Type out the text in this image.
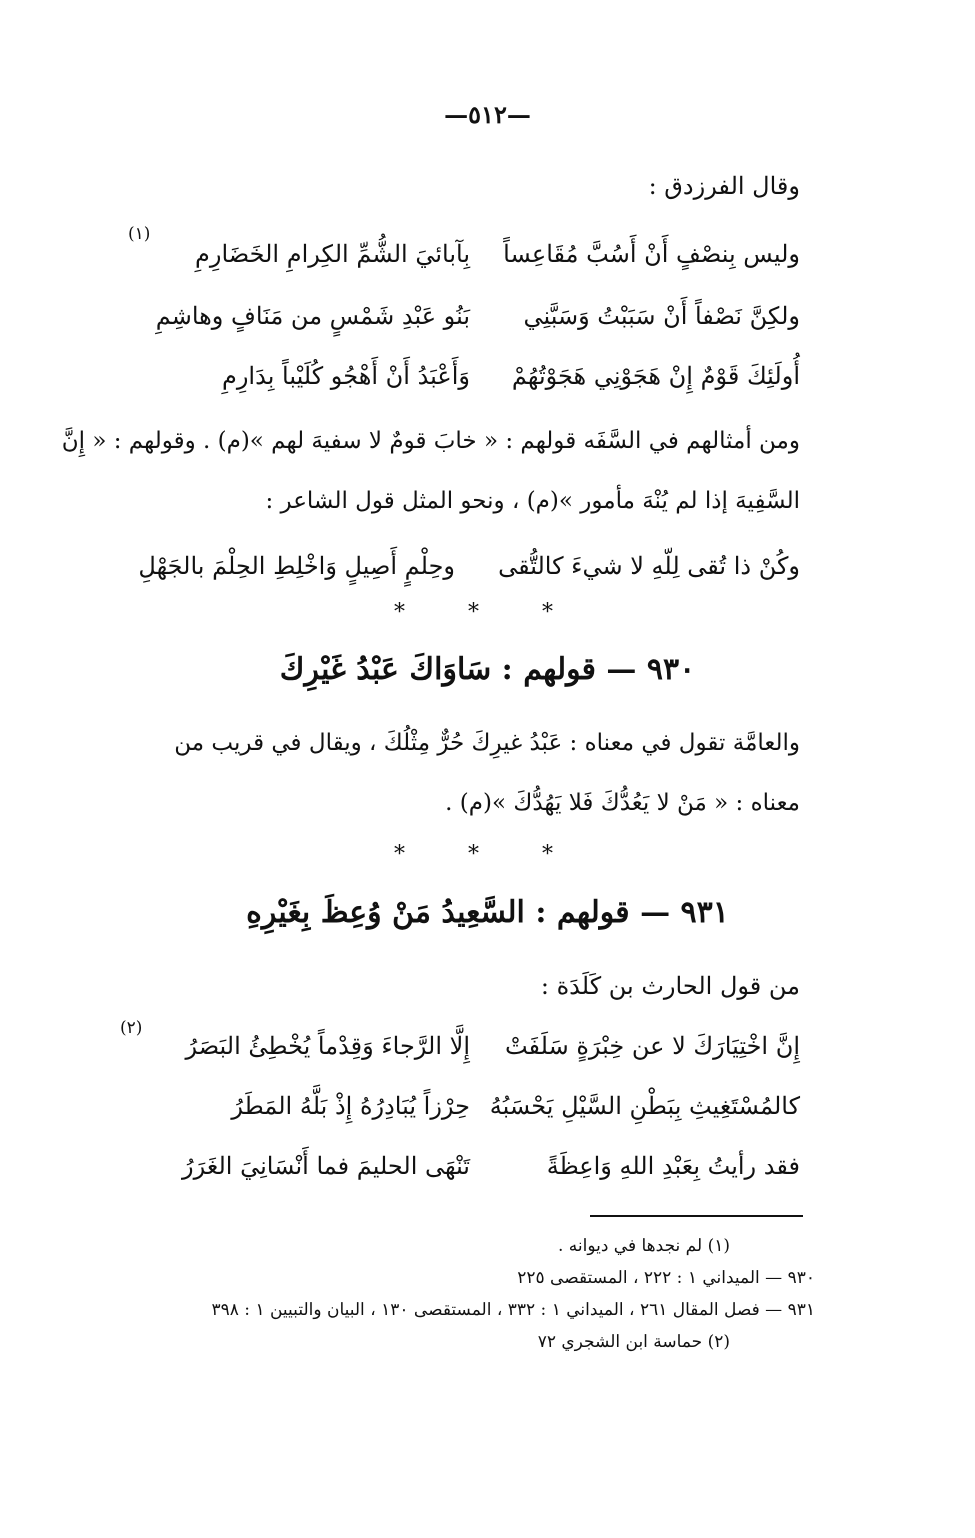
—٥١٢—
وقال الفرزدق :
وليس بِنصْفٍ أَنْ أَسُبَّ مُقَاعِساً
بِآبائيَ الشُّمِّ الكِرامِ الخَضَارِمِ
(١)
ولكِنَّ نَصْفاً أَنْ سَبَبْتُ وَسَبَّنِي
بَنُو عَبْدِ شَمْسٍ من مَنَافٍ وهاشِمِ
أُولَئِكَ قَوْمٌ إِنْ هَجَوْنِي هَجَوْتُهُمْ
وَأَعْبَدُ أَنْ أَهْجُو كُلَيْباً بِدَارِمِ
ومن أمثالهم في السَّفَه قولهم : « خابَ قومٌ لا سفيهَ لهم »(م) . وقولهم : « إِنَّ
السَّفِيهَ إذا لم يُنْهَ مأمور »(م) ، ونحو المثل قول الشاعر :
وكُنْ ذا تُقى لِلّهِ لا شيءَ كالتُّقى
وحِلْمٍ أَصِيلٍ وَاخْلِطِ الحِلْمَ بالجَهْلِ
* * *
٩٣٠ — قولهم : سَاوَاكَ عَبْدُ غَيْرِكَ
والعامَّة تقول في معناه : عَبْدُ غيرِكَ حُرٌّ مِثْلُكَ ، ويقال في قريب من
معناه : « مَنْ لا يَعُدُّكَ فَلا يَهُدُّكَ »(م) .
* * *
٩٣١ — قولهم : السَّعِيدُ مَنْ وُعِظَ بِغَيْرِهِ
من قول الحارث بن كَلَدَة :
إِنَّ اخْتِيَارَكَ لا عن خِبْرَةٍ سَلَفَتْ
إِلَّا الرَّجاءَ وَقِدْماً يُخْطِئُ البَصَرُ
(٢)
كالمُسْتَغِيثِ بِبَطْنِ السَّيْلِ يَحْسَبُهُ
حِرْزاً يُبَادِرُهُ إِذْ بَلَّهُ المَطَرُ
فقد رأيتُ بِعَبْدِ اللهِ وَاعِظَةً
تَنْهَى الحليمَ فما أَنْسَانِيَ الغَرَرُ
(١) لم نجدها في ديوانه .
٩٣٠ — الميداني ١ : ٢٢٢ ، المستقصى ٢٢٥
٩٣١ — فصل المقال ٢٦١ ، الميداني ١ : ٣٣٢ ، المستقصى ١٣٠ ، البيان والتبيين ١ : ٣٩٨
(٢) حماسة ابن الشجري ٧٢
